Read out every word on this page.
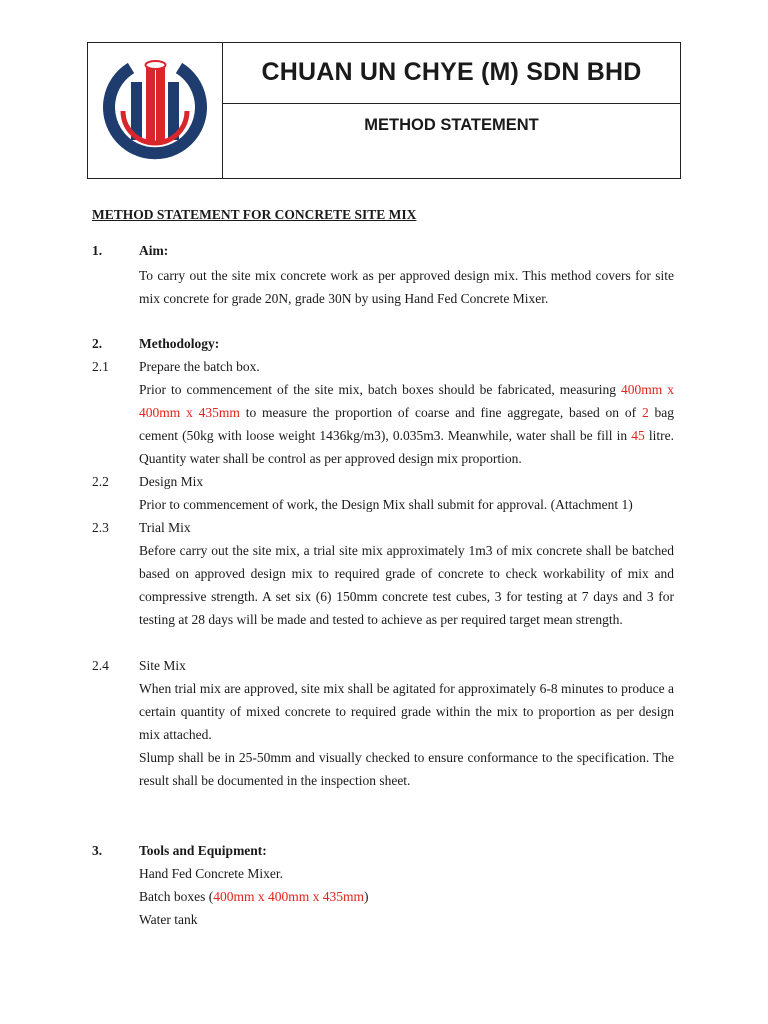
CHUAN UN CHYE (M) SDN BHD
METHOD STATEMENT
METHOD STATEMENT FOR CONCRETE SITE MIX
1.	Aim:
To carry out the site mix concrete work as per approved design mix. This method covers for site mix concrete for grade 20N, grade 30N by using Hand Fed Concrete Mixer.
2.	Methodology:
2.1 Prepare the batch box.
Prior to commencement of the site mix, batch boxes should be fabricated, measuring 400mm x 400mm x 435mm to measure the proportion of coarse and fine aggregate, based on of 2 bag cement (50kg with loose weight 1436kg/m3), 0.035m3. Meanwhile, water shall be fill in 45 litre. Quantity water shall be control as per approved design mix proportion.
2.2 Design Mix
Prior to commencement of work, the Design Mix shall submit for approval. (Attachment 1)
2.3 Trial Mix
Before carry out the site mix, a trial site mix approximately 1m3 of mix concrete shall be batched based on approved design mix to required grade of concrete to check workability of mix and compressive strength. A set six (6) 150mm concrete test cubes, 3 for testing at 7 days and 3 for testing at 28 days will be made and tested to achieve as per required target mean strength.
2.4 Site Mix
When trial mix are approved, site mix shall be agitated for approximately 6-8 minutes to produce a certain quantity of mixed concrete to required grade within the mix to proportion as per design mix attached.
Slump shall be in 25-50mm and visually checked to ensure conformance to the specification. The result shall be documented in the inspection sheet.
3.	Tools and Equipment:
Hand Fed Concrete Mixer.
Batch boxes (400mm x 400mm x 435mm)
Water tank
